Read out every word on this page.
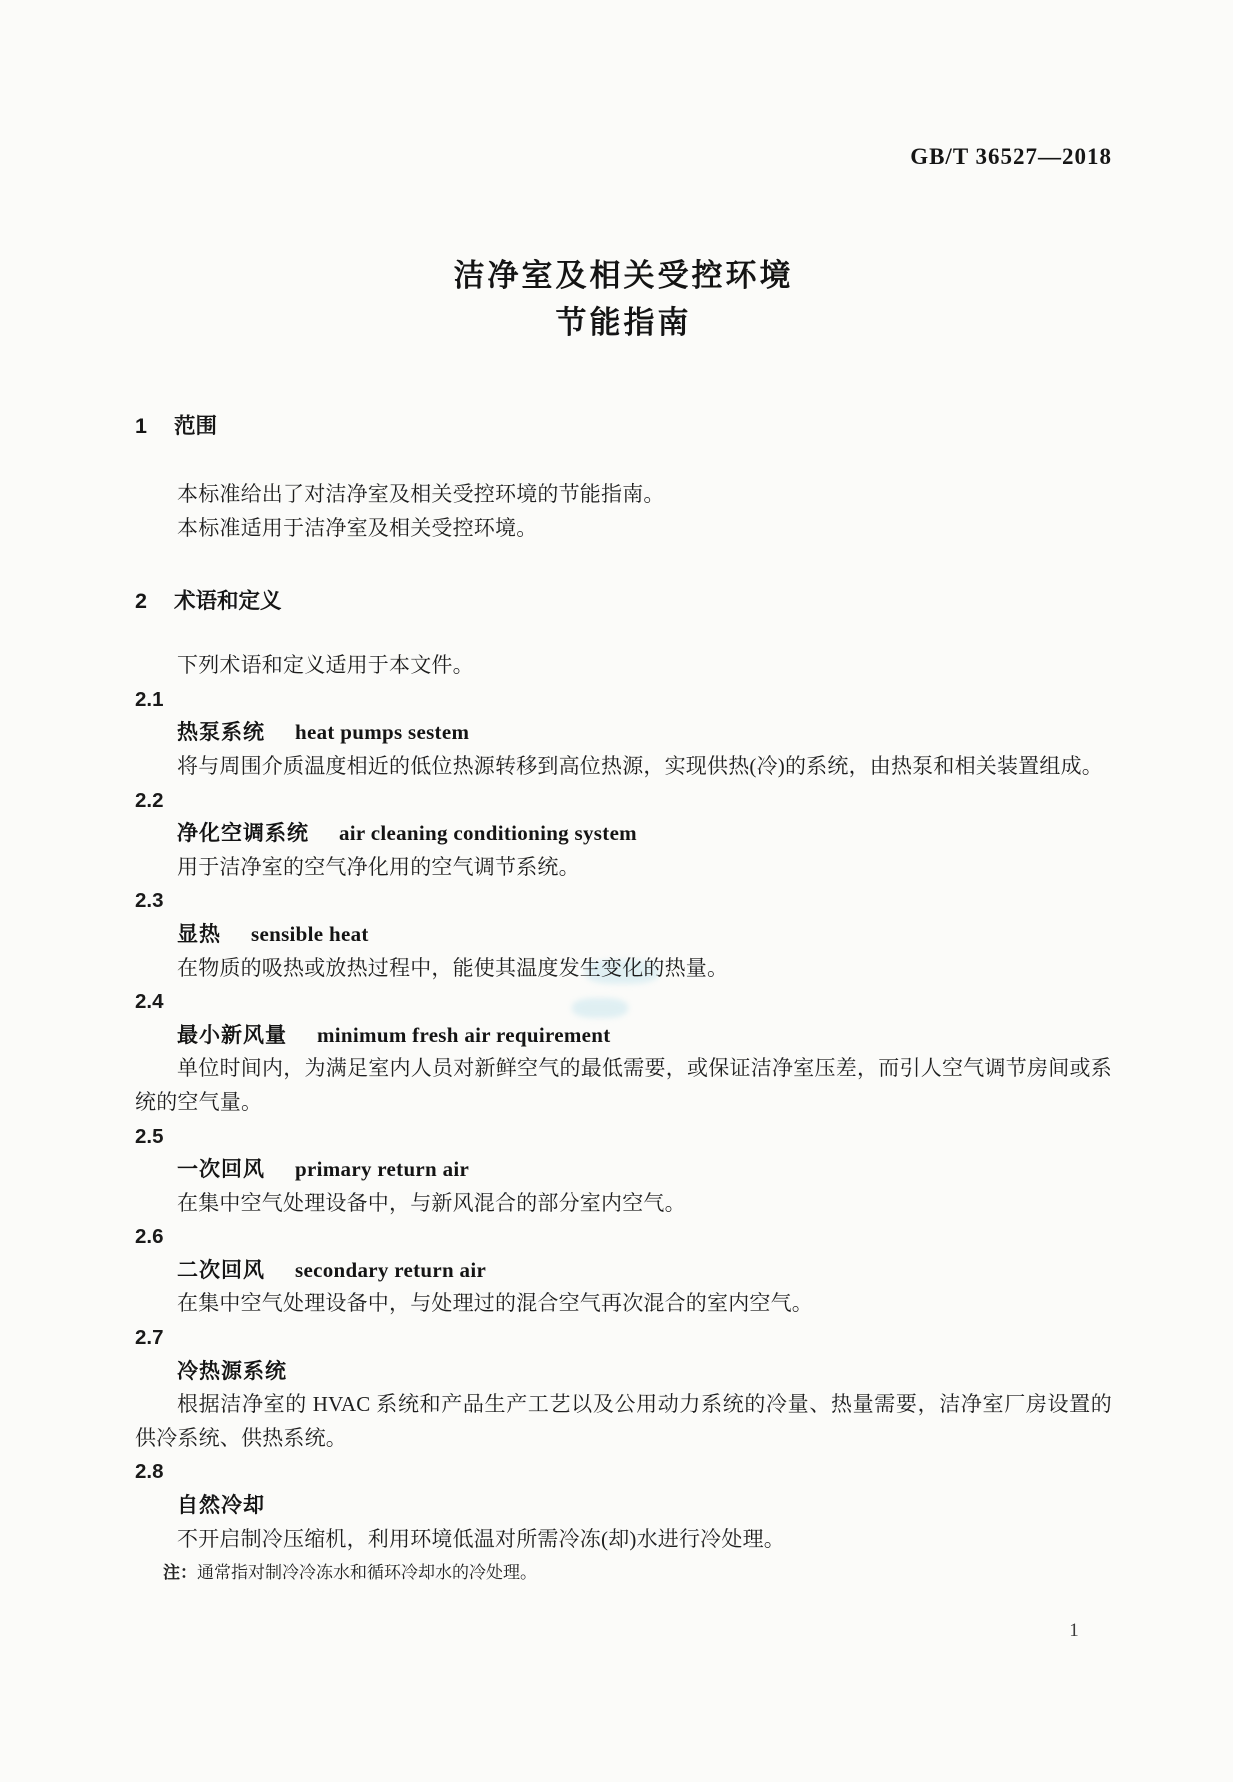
GB/T 36527—2018
洁净室及相关受控环境
节能指南
1 范围

本标准给出了对洁净室及相关受控环境的节能指南。

本标准适用于洁净室及相关受控环境。

2 术语和定义

下列术语和定义适用于本文件。

2.1
热泵系统 heat pumps sestem

将与周围介质温度相近的低位热源转移到高位热源，实现供热(冷)的系统，由热泵和相关装置组成。

2.2
净化空调系统 air cleaning conditioning system

用于洁净室的空气净化用的空气调节系统。

2.3
显热 sensible heat

在物质的吸热或放热过程中，能使其温度发生变化的热量。

2.4
最小新风量 minimum fresh air requirement

单位时间内，为满足室内人员对新鲜空气的最低需要，或保证洁净室压差，而引人空气调节房间或系统的空气量。

2.5
一次回风 primary return air

在集中空气处理设备中，与新风混合的部分室内空气。

2.6
二次回风 secondary return air

在集中空气处理设备中，与处理过的混合空气再次混合的室内空气。

2.7
冷热源系统

根据洁净室的 HVAC 系统和产品生产工艺以及公用动力系统的冷量、热量需要，洁净室厂房设置的供冷系统、供热系统。

2.8
自然冷却

不开启制冷压缩机，利用环境低温对所需冷冻(却)水进行冷处理。

注：通常指对制冷冷冻水和循环冷却水的冷处理。
1
